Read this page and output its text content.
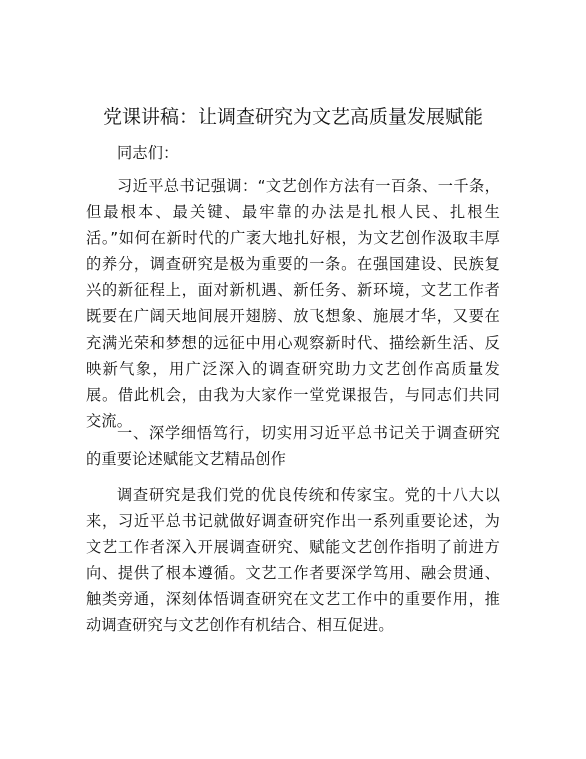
党课讲稿：让调查研究为文艺高质量发展赋能
同志们：
习近平总书记强调：“文艺创作方法有一百条、一千条，但最根本、最关键、最牢靠的办法是扎根人民、扎根生活。”如何在新时代的广袤大地扎好根，为文艺创作汲取丰厚的养分，调查研究是极为重要的一条。在强国建设、民族复兴的新征程上，面对新机遇、新任务、新环境，文艺工作者既要在广阔天地间展开翅膀、放飞想象、施展才华，又要在充满光荣和梦想的远征中用心观察新时代、描绘新生活、反映新气象，用广泛深入的调查研究助力文艺创作高质量发展。借此机会，由我为大家作一堂党课报告，与同志们共同交流。
一、深学细悟笃行，切实用习近平总书记关于调查研究的重要论述赋能文艺精品创作
调查研究是我们党的优良传统和传家宝。党的十八大以来，习近平总书记就做好调查研究作出一系列重要论述，为文艺工作者深入开展调查研究、赋能文艺创作指明了前进方向、提供了根本遵循。文艺工作者要深学笃用、融会贯通、触类旁通，深刻体悟调查研究在文艺工作中的重要作用，推动调查研究与文艺创作有机结合、相互促进。
